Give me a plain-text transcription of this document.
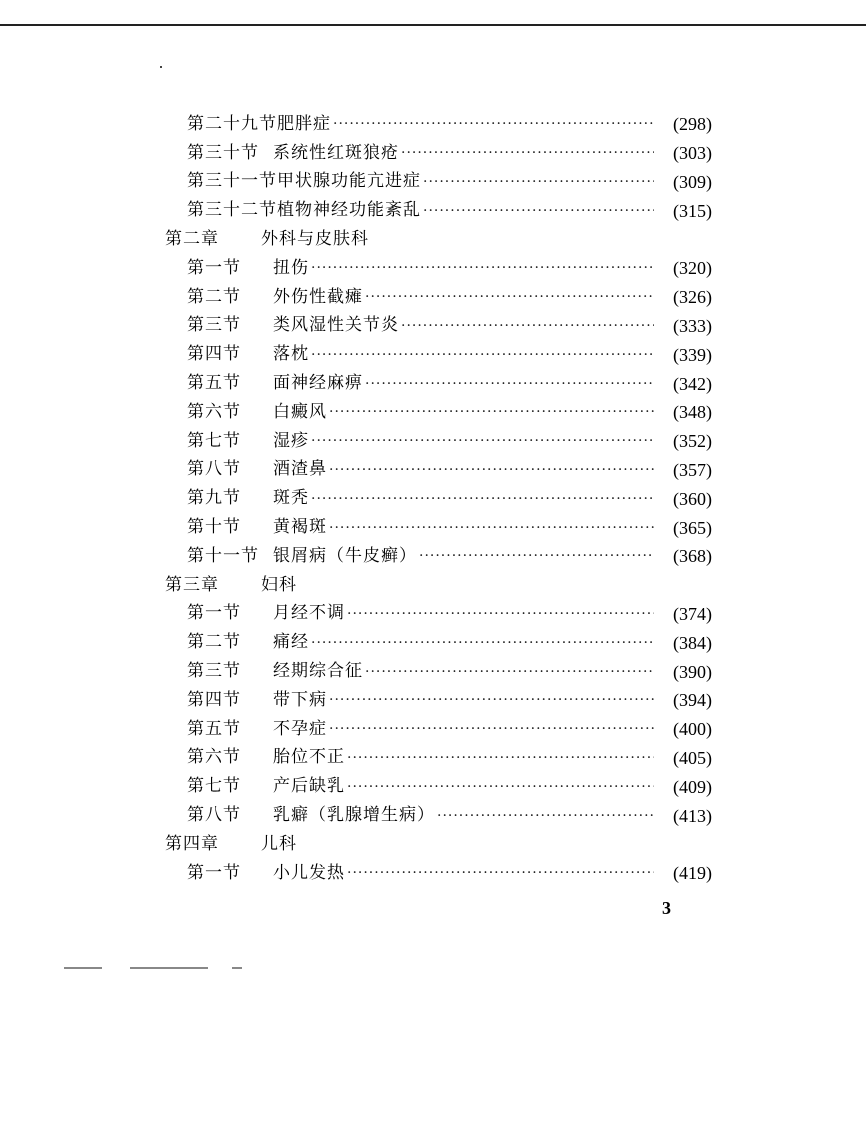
第二十九节 肥胖症 ·····	(298)
第三十节 系统性红斑狼疮 ·····	(303)
第三十一节 甲状腺功能亢进症 ·····	(309)
第三十二节 植物神经功能紊乱 ·····	(315)
第二章	外科与皮肤科
第一节	扭伤 ·····	(320)
第二节	外伤性截瘫 ·····	(326)
第三节	类风湿性关节炎 ·····	(333)
第四节	落枕 ·····	(339)
第五节	面神经麻痹 ·····	(342)
第六节	白癜风 ·····	(348)
第七节	湿疹 ·····	(352)
第八节	酒渣鼻 ·····	(357)
第九节	斑秃 ·····	(360)
第十节	黄褐斑 ·····	(365)
第十一节 银屑病（牛皮癣） ·····	(368)
第三章	妇科
第一节	月经不调 ·····	(374)
第二节	痛经 ·····	(384)
第三节	经期综合征 ·····	(390)
第四节	带下病 ·····	(394)
第五节	不孕症 ·····	(400)
第六节	胎位不正 ·····	(405)
第七节	产后缺乳 ·····	(409)
第八节	乳癖（乳腺增生病） ·····	(413)
第四章	儿科
第一节	小儿发热 ·····	(419)
3
